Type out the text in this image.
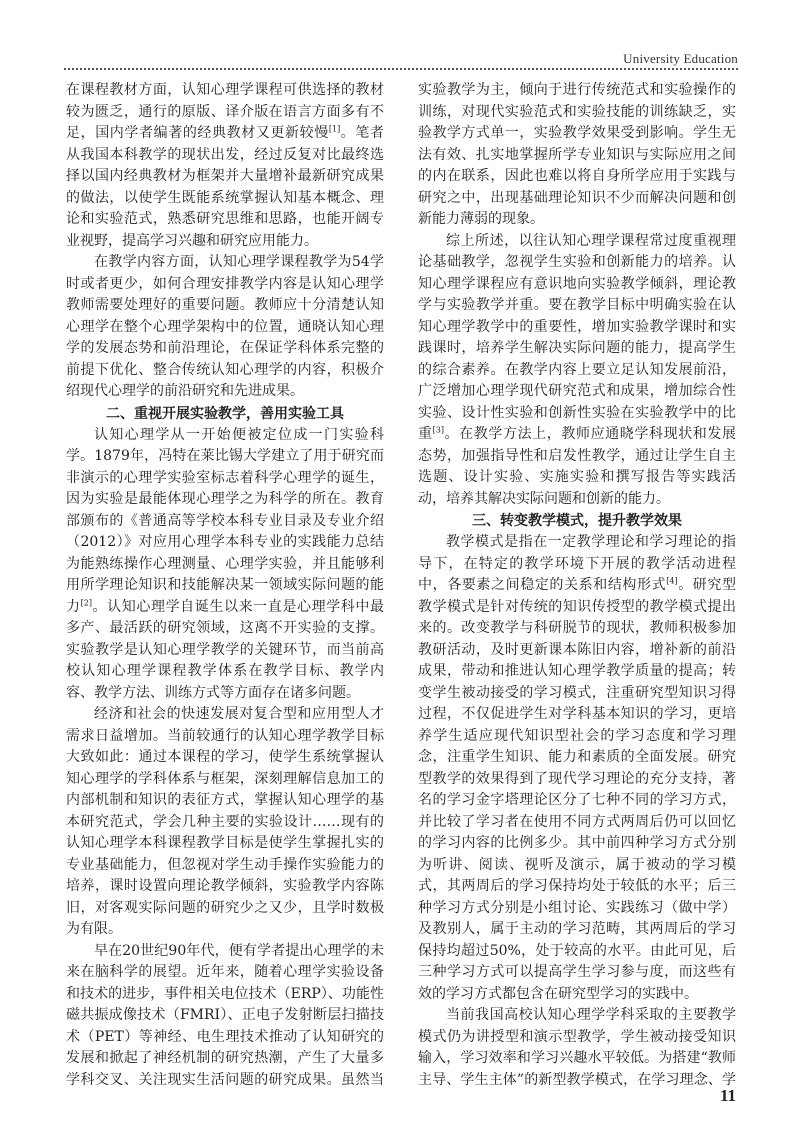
University Education

在课程教材方面，认知心理学课程可供选择的教材较为匮乏，通行的原版、译介版在语言方面多有不足，国内学者编著的经典教材又更新较慢[1]。笔者从我国本科教学的现状出发，经过反复对比最终选择以国内经典教材为框架并大量增补最新研究成果的做法，以使学生既能系统掌握认知基本概念、理论和实验范式，熟悉研究思维和思路，也能开阔专业视野，提高学习兴趣和研究应用能力。

在教学内容方面，认知心理学课程教学为54学时或者更少，如何合理安排教学内容是认知心理学教师需要处理好的重要问题。教师应十分清楚认知心理学在整个心理学架构中的位置，通晓认知心理学的发展态势和前沿理论，在保证学科体系完整的前提下优化、整合传统认知心理学的内容，积极介绍现代心理学的前沿研究和先进成果。

二、重视开展实验教学，善用实验工具

认知心理学从一开始便被定位成一门实验科学。1879年，冯特在莱比锡大学建立了用于研究而非演示的心理学实验室标志着科学心理学的诞生，因为实验是最能体现心理学之为科学的所在。教育部颁布的《普通高等学校本科专业目录及专业介绍（2012）》对应用心理学本科专业的实践能力总结为能熟练操作心理测量、心理学实验，并且能够利用所学理论知识和技能解决某一领域实际问题的能力[2]。认知心理学自诞生以来一直是心理学科中最多产、最活跃的研究领域，这离不开实验的支撑。实验教学是认知心理学教学的关键环节，而当前高校认知心理学课程教学体系在教学目标、教学内容、教学方法、训练方式等方面存在诸多问题。

经济和社会的快速发展对复合型和应用型人才需求日益增加。当前较通行的认知心理学教学目标大致如此：通过本课程的学习，使学生系统掌握认知心理学的学科体系与框架，深刻理解信息加工的内部机制和知识的表征方式，掌握认知心理学的基本研究范式，学会几种主要的实验设计……现有的认知心理学本科课程教学目标是使学生掌握扎实的专业基础能力，但忽视对学生动手操作实验能力的培养，课时设置向理论教学倾斜，实验教学内容陈旧，对客观实际问题的研究少之又少，且学时数极为有限。

早在20世纪90年代，便有学者提出心理学的未来在脑科学的展望。近年来，随着心理学实验设备和技术的进步，事件相关电位技术（ERP）、功能性磁共振成像技术（FMRI）、正电子发射断层扫描技术（PET）等神经、电生理技术推动了认知研究的发展和掀起了神经机制的研究热潮，产生了大量多学科交叉、关注现实生活问题的研究成果。虽然当

实验教学为主，倾向于进行传统范式和实验操作的训练，对现代实验范式和实验技能的训练缺乏，实验教学方式单一，实验教学效果受到影响。学生无法有效、扎实地掌握所学专业知识与实际应用之间的内在联系，因此也难以将自身所学应用于实践与研究之中，出现基础理论知识不少而解决问题和创新能力薄弱的现象。

综上所述，以往认知心理学课程常过度重视理论基础教学，忽视学生实验和创新能力的培养。认知心理学课程应有意识地向实验教学倾斜，理论教学与实验教学并重。要在教学目标中明确实验在认知心理学教学中的重要性，增加实验教学课时和实践课时，培养学生解决实际问题的能力，提高学生的综合素养。在教学内容上要立足认知发展前沿，广泛增加心理学现代研究范式和成果，增加综合性实验、设计性实验和创新性实验在实验教学中的比重[3]。在教学方法上，教师应通晓学科现状和发展态势，加强指导性和启发性教学，通过让学生自主选题、设计实验、实施实验和撰写报告等实践活动，培养其解决实际问题和创新的能力。

三、转变教学模式，提升教学效果

教学模式是指在一定教学理论和学习理论的指导下，在特定的教学环境下开展的教学活动进程中，各要素之间稳定的关系和结构形式[4]。研究型教学模式是针对传统的知识传授型的教学模式提出来的。改变教学与科研脱节的现状，教师积极参加教研活动，及时更新课本陈旧内容，增补新的前沿成果，带动和推进认知心理学教学质量的提高；转变学生被动接受的学习模式，注重研究型知识习得过程，不仅促进学生对学科基本知识的学习，更培养学生适应现代知识型社会的学习态度和学习理念，注重学生知识、能力和素质的全面发展。研究型教学的效果得到了现代学习理论的充分支持，著名的学习金字塔理论区分了七种不同的学习方式，并比较了学习者在使用不同方式两周后仍可以回忆的学习内容的比例多少。其中前四种学习方式分别为听讲、阅读、视听及演示，属于被动的学习模式，其两周后的学习保持均处于较低的水平；后三种学习方式分别是小组讨论、实践练习（做中学）及教别人，属于主动的学习范畴，其两周后的学习保持均超过50%，处于较高的水平。由此可见，后三种学习方式可以提高学生学习参与度，而这些有效的学习方式都包含在研究型学习的实践中。

当前我国高校认知心理学学科采取的主要教学模式仍为讲授型和演示型教学，学生被动接受知识输入，学习效率和学习兴趣水平较低。为搭建“教师主导、学生主体”的新型教学模式，在学习理念、学

11
